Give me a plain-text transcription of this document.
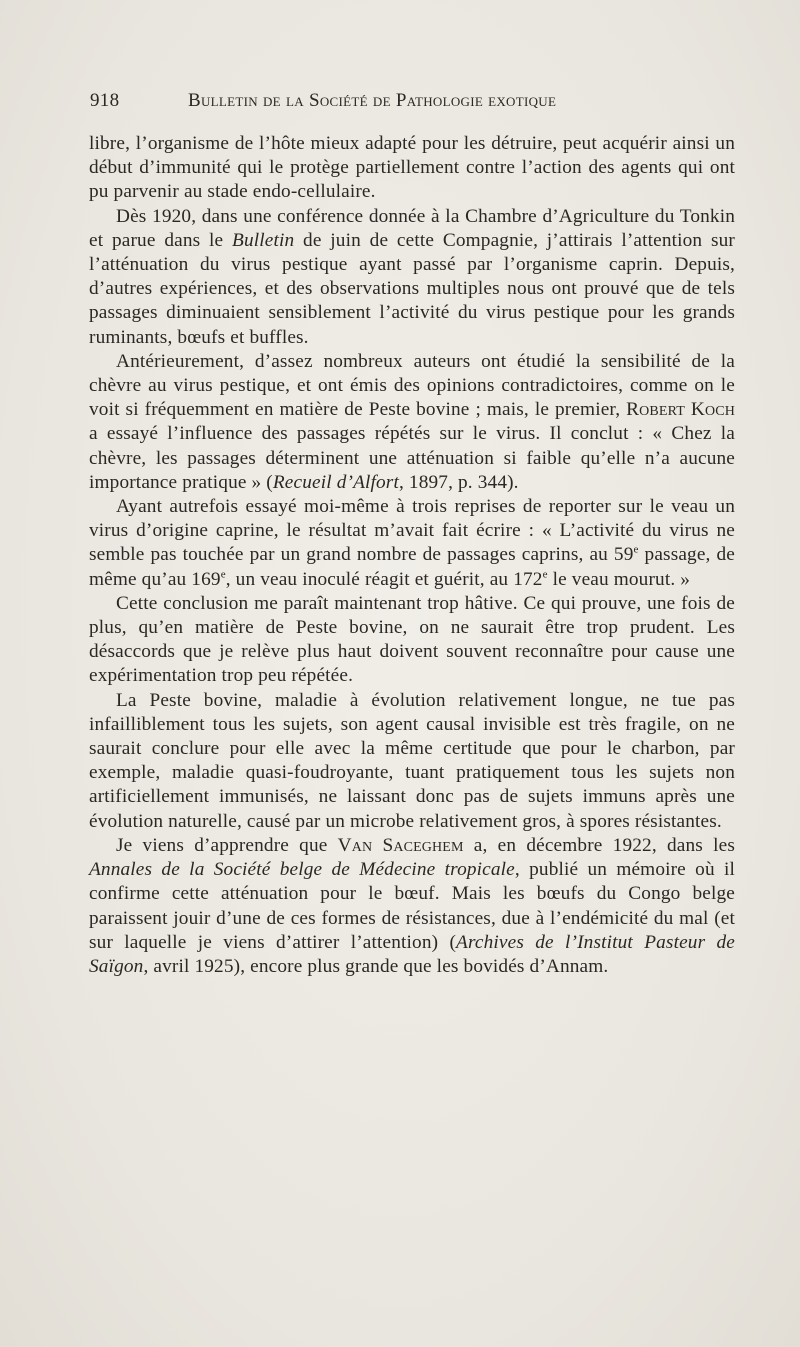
918	Bulletin de la Société de Pathologie exotique

libre, l’organisme de l’hôte mieux adapté pour les détruire, peut acquérir ainsi un début d’immunité qui le protège partiellement contre l’action des agents qui ont pu parvenir au stade endo-cellulaire.

Dès 1920, dans une conférence donnée à la Chambre d’Agriculture du Tonkin et parue dans le Bulletin de juin de cette Compagnie, j’attirais l’attention sur l’atténuation du virus pestique ayant passé par l’organisme caprin. Depuis, d’autres expériences, et des observations multiples nous ont prouvé que de tels passages diminuaient sensiblement l’activité du virus pestique pour les grands ruminants, bœufs et buffles.

Antérieurement, d’assez nombreux auteurs ont étudié la sensibilité de la chèvre au virus pestique, et ont émis des opinions contradictoires, comme on le voit si fréquemment en matière de Peste bovine ; mais, le premier, Robert Koch a essayé l’influence des passages répétés sur le virus. Il conclut : « Chez la chèvre, les passages déterminent une atténuation si faible qu’elle n’a aucune importance pratique » (Recueil d’Alfort, 1897, p. 344).

Ayant autrefois essayé moi-même à trois reprises de reporter sur le veau un virus d’origine caprine, le résultat m’avait fait écrire : « L’activité du virus ne semble pas touchée par un grand nombre de passages caprins, au 59e passage, de même qu’au 169e, un veau inoculé réagit et guérit, au 172e le veau mourut. »

Cette conclusion me paraît maintenant trop hâtive. Ce qui prouve, une fois de plus, qu’en matière de Peste bovine, on ne saurait être trop prudent. Les désaccords que je relève plus haut doivent souvent reconnaître pour cause une expérimentation trop peu répétée.

La Peste bovine, maladie à évolution relativement longue, ne tue pas infailliblement tous les sujets, son agent causal invisible est très fragile, on ne saurait conclure pour elle avec la même certitude que pour le charbon, par exemple, maladie quasi-foudroyante, tuant pratiquement tous les sujets non artificiellement immunisés, ne laissant donc pas de sujets immuns après une évolution naturelle, causé par un microbe relativement gros, à spores résistantes.

Je viens d’apprendre que Van Saceghem a, en décembre 1922, dans les Annales de la Société belge de Médecine tropicale, publié un mémoire où il confirme cette atténuation pour le bœuf. Mais les bœufs du Congo belge paraissent jouir d’une de ces formes de résistances, due à l’endémicité du mal (et sur laquelle je viens d’attirer l’attention) (Archives de l’Institut Pasteur de Saïgon, avril 1925), encore plus grande que les bovidés d’Annam.
